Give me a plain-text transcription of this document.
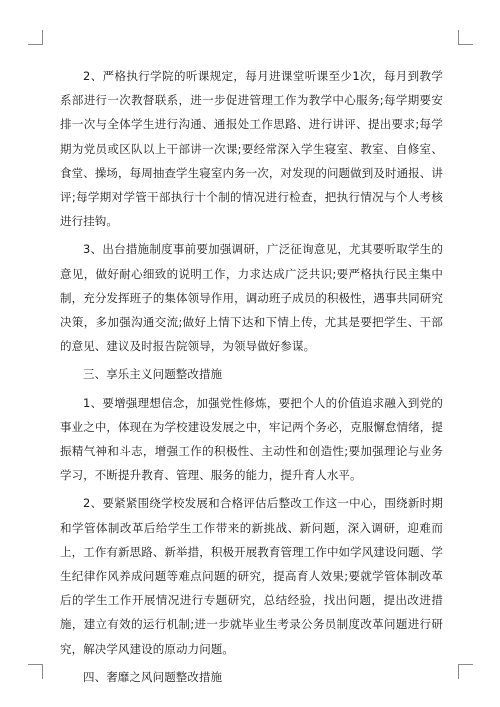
2、严格执行学院的听课规定，每月进课堂听课至少1次，每月到教学系部进行一次教督联系，进一步促进管理工作为教学中心服务;每学期要安排一次与全体学生进行沟通、通报处工作思路、进行讲评、提出要求;每学期为党员或区队以上干部讲一次课;要经常深入学生寝室、教室、自修室、食堂、操场，每周抽查学生寝室内务一次，对发现的问题做到及时通报、讲评;每学期对学管干部执行十个制的情况进行检查，把执行情况与个人考核进行挂钩。

3、出台措施制度事前要加强调研，广泛征询意见，尤其要听取学生的意见，做好耐心细致的说明工作，力求达成广泛共识;要严格执行民主集中制，充分发挥班子的集体领导作用，调动班子成员的积极性，遇事共同研究决策，多加强沟通交流;做好上情下达和下情上传，尤其是要把学生、干部的意见、建议及时报告院领导，为领导做好参谋。

三、享乐主义问题整改措施

1、要增强理想信念，加强党性修炼，要把个人的价值追求融入到党的事业之中，体现在为学校建设发展之中，牢记两个务必，克服懈怠情绪，提振精气神和斗志，增强工作的积极性、主动性和创造性;要加强理论与业务学习，不断提升教育、管理、服务的能力，提升育人水平。

2、要紧紧围绕学校发展和合格评估后整改工作这一中心，围绕新时期和学管体制改革后给学生工作带来的新挑战、新问题，深入调研，迎难而上，工作有新思路、新举措，积极开展教育管理工作中如学风建设问题、学生纪律作风养成问题等难点问题的研究，提高育人效果;要就学管体制改革后的学生工作开展情况进行专题研究，总结经验，找出问题，提出改进措施，建立有效的运行机制;进一步就毕业生考录公务员制度改革问题进行研究，解决学风建设的原动力问题。

四、奢靡之风问题整改措施
